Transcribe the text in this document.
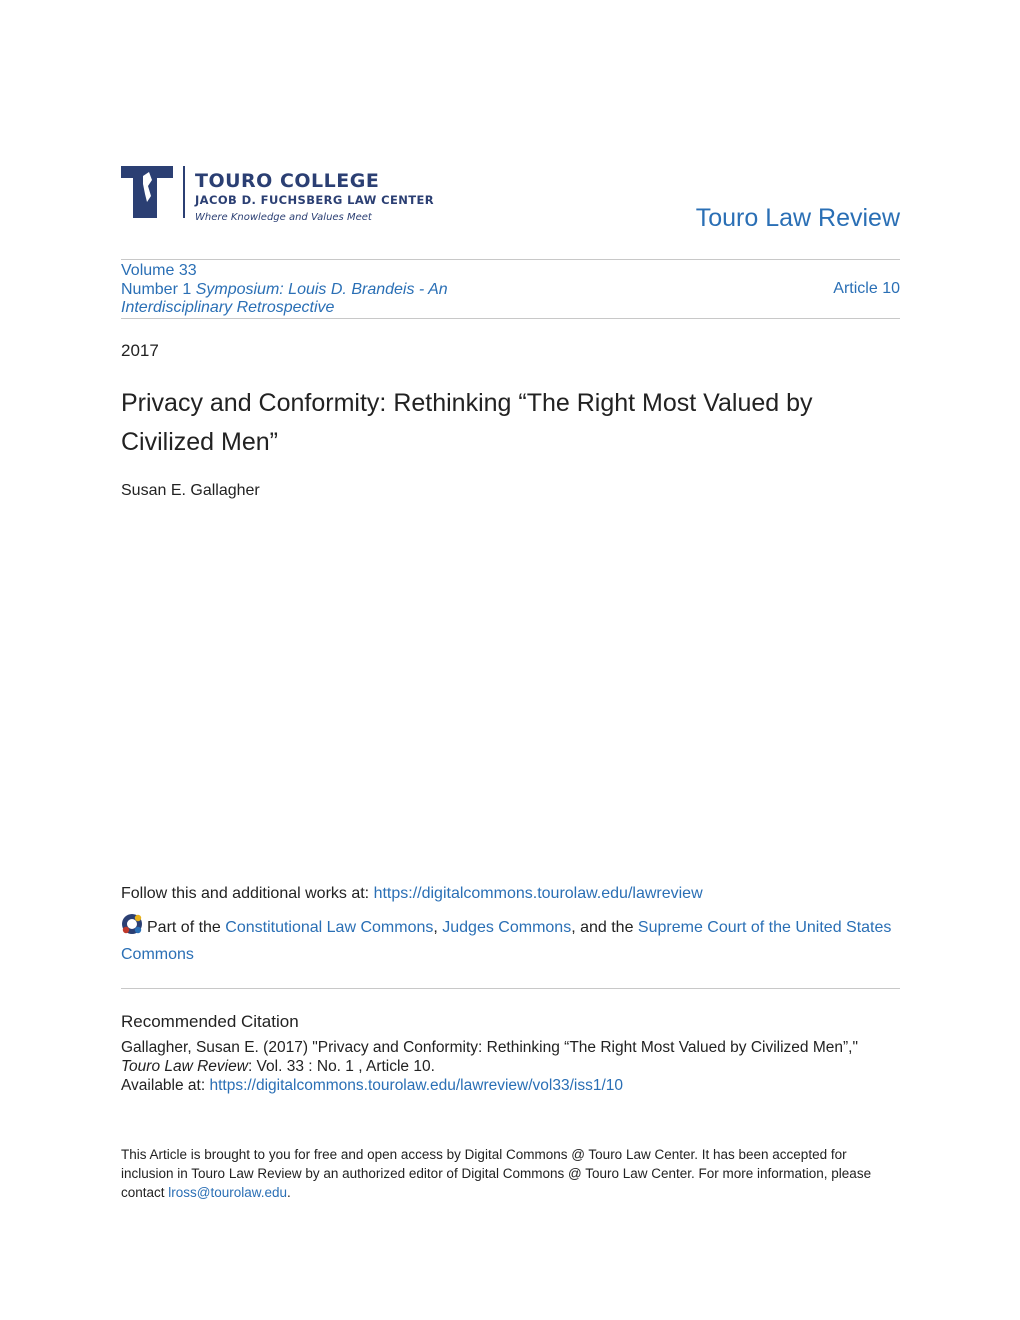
TOURO COLLEGE
JACOB D. FUCHSBERG LAW CENTER
Where Knowledge and Values Meet	Touro Law Review
Volume 33
Number 1 Symposium: Louis D. Brandeis - An
Interdisciplinary Retrospective
Article 10
2017
Privacy and Conformity: Rethinking “The Right Most Valued by Civilized Men”
Susan E. Gallagher
Follow this and additional works at: https://digitalcommons.tourolaw.edu/lawreview
Part of the Constitutional Law Commons, Judges Commons, and the Supreme Court of the United States Commons
Recommended Citation
Gallagher, Susan E. (2017) "Privacy and Conformity: Rethinking “The Right Most Valued by Civilized Men”,"
Touro Law Review: Vol. 33 : No. 1 , Article 10.
Available at: https://digitalcommons.tourolaw.edu/lawreview/vol33/iss1/10
This Article is brought to you for free and open access by Digital Commons @ Touro Law Center. It has been accepted for inclusion in Touro Law Review by an authorized editor of Digital Commons @ Touro Law Center. For more information, please contact lross@tourolaw.edu.
